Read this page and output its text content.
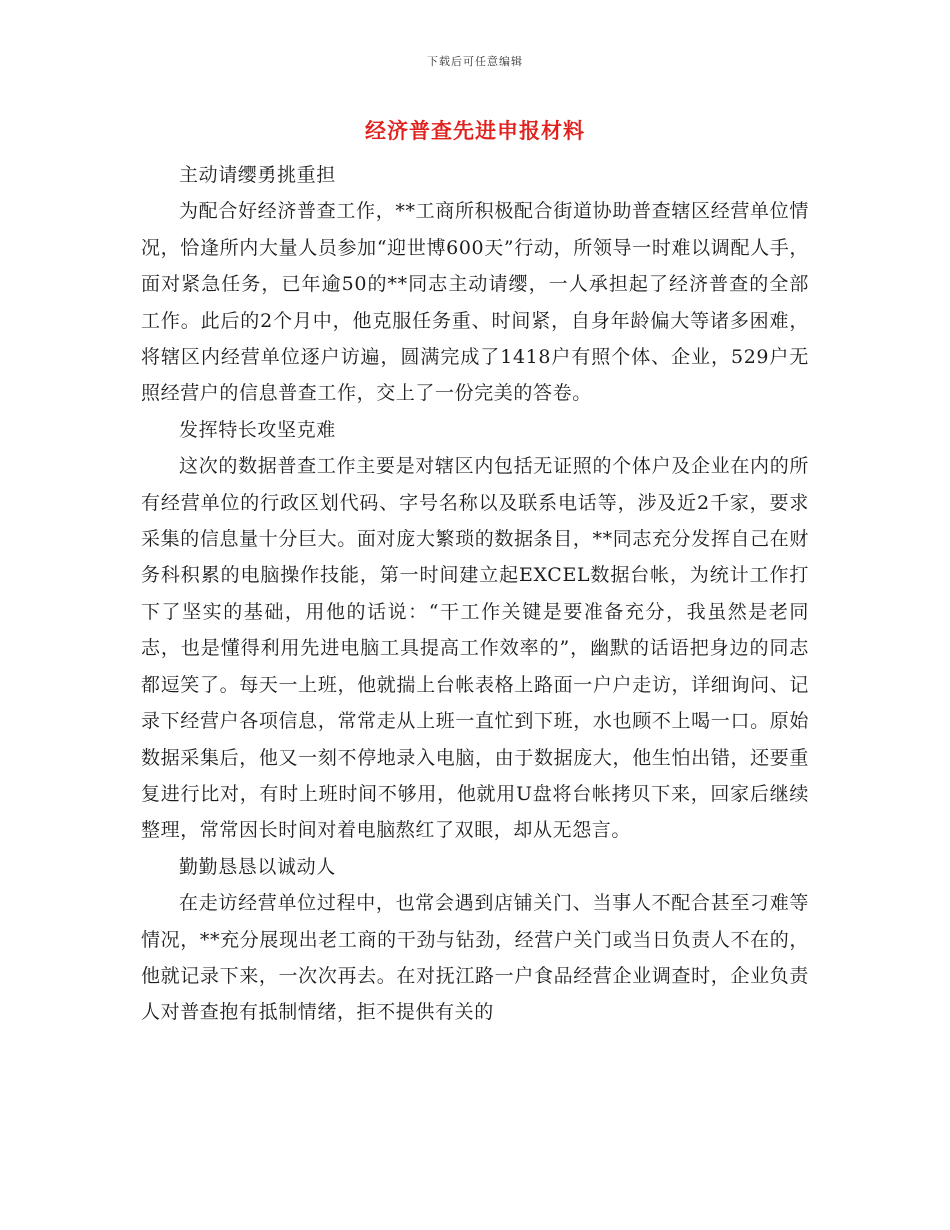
下载后可任意编辑
经济普查先进申报材料

主动请缨勇挑重担

为配合好经济普查工作，**工商所积极配合街道协助普查辖区经营单位情况，恰逢所内大量人员参加“迎世博600天”行动，所领导一时难以调配人手，面对紧急任务，已年逾50的**同志主动请缨，一人承担起了经济普查的全部工作。此后的2个月中，他克服任务重、时间紧，自身年龄偏大等诸多困难，将辖区内经营单位逐户访遍，圆满完成了1418户有照个体、企业，529户无照经营户的信息普查工作，交上了一份完美的答卷。

发挥特长攻坚克难

这次的数据普查工作主要是对辖区内包括无证照的个体户及企业在内的所有经营单位的行政区划代码、字号名称以及联系电话等，涉及近2千家，要求采集的信息量十分巨大。面对庞大繁琐的数据条目，**同志充分发挥自己在财务科积累的电脑操作技能，第一时间建立起EXCEL数据台帐，为统计工作打下了坚实的基础，用他的话说：“干工作关键是要准备充分，我虽然是老同志，也是懂得利用先进电脑工具提高工作效率的”，幽默的话语把身边的同志都逗笑了。每天一上班，他就揣上台帐表格上路面一户户走访，详细询问、记录下经营户各项信息，常常走从上班一直忙到下班，水也顾不上喝一口。原始数据采集后，他又一刻不停地录入电脑，由于数据庞大，他生怕出错，还要重复进行比对，有时上班时间不够用，他就用U盘将台帐拷贝下来，回家后继续整理，常常因长时间对着电脑熬红了双眼，却从无怨言。

勤勤恳恳以诚动人

在走访经营单位过程中，也常会遇到店铺关门、当事人不配合甚至刁难等情况，**充分展现出老工商的干劲与钻劲，经营户关门或当日负责人不在的，他就记录下来，一次次再去。在对抚江路一户食品经营企业调查时，企业负责人对普查抱有抵制情绪，拒不提供有关的
